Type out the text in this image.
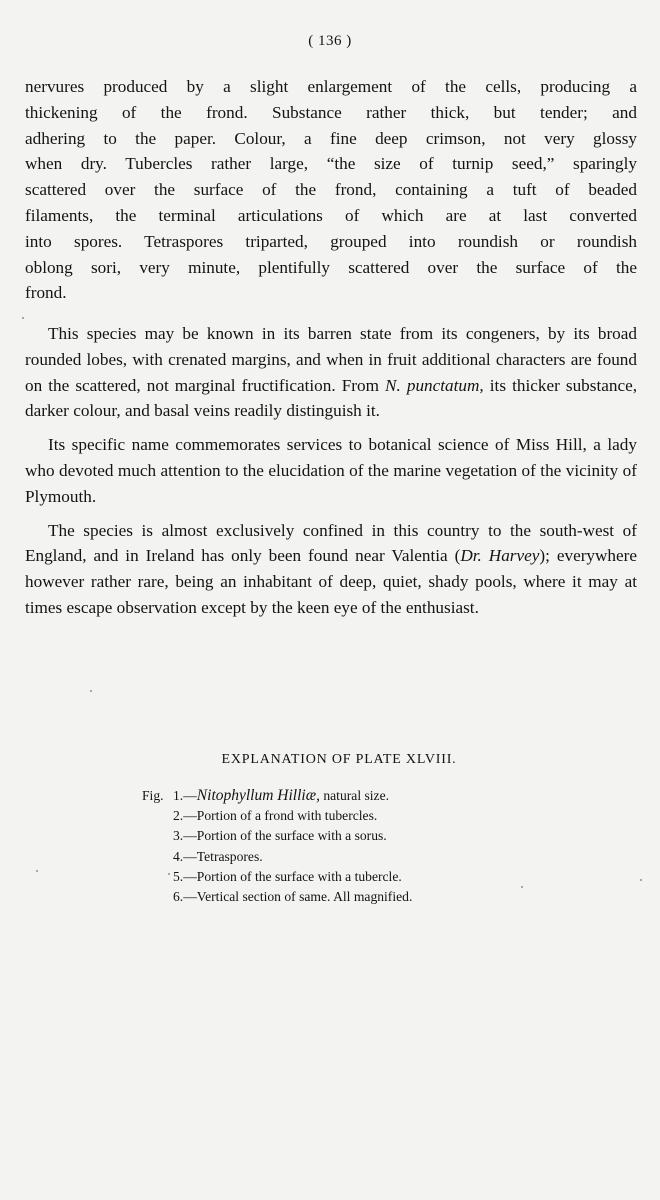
( 136 )
nervures produced by a slight enlargement of the cells, producing a
thickening of the frond. Substance rather thick, but tender; and
adhering to the paper. Colour, a fine deep crimson, not very glossy
when dry. Tubercles rather large, “the size of turnip seed,” sparingly
scattered over the surface of the frond, containing a tuft of beaded
filaments, the terminal articulations of which are at last converted
into spores. Tetraspores triparted, grouped into roundish or roundish
oblong sori, very minute, plentifully scattered over the surface of the
frond.

This species may be known in its barren state from its congeners, by its broad rounded lobes, with crenated margins, and when in fruit additional characters are found on the scattered, not marginal fructification. From N. punctatum, its thicker substance, darker colour, and basal veins readily distinguish it.

Its specific name commemorates services to botanical science of Miss Hill, a lady who devoted much attention to the elucidation of the marine vegetation of the vicinity of Plymouth.

The species is almost exclusively confined in this country to the south-west of England, and in Ireland has only been found near Valentia (Dr. Harvey); everywhere however rather rare, being an inhabitant of deep, quiet, shady pools, where it may at times escape observation except by the keen eye of the enthusiast.

EXPLANATION OF PLATE XLVIII.
Fig. 1.—Nitophyllum Hilliæ, natural size.
2.—Portion of a frond with tubercles.
3.—Portion of the surface with a sorus.
4.—Tetraspores.
5.—Portion of the surface with a tubercle.
6.—Vertical section of same. All magnified.
